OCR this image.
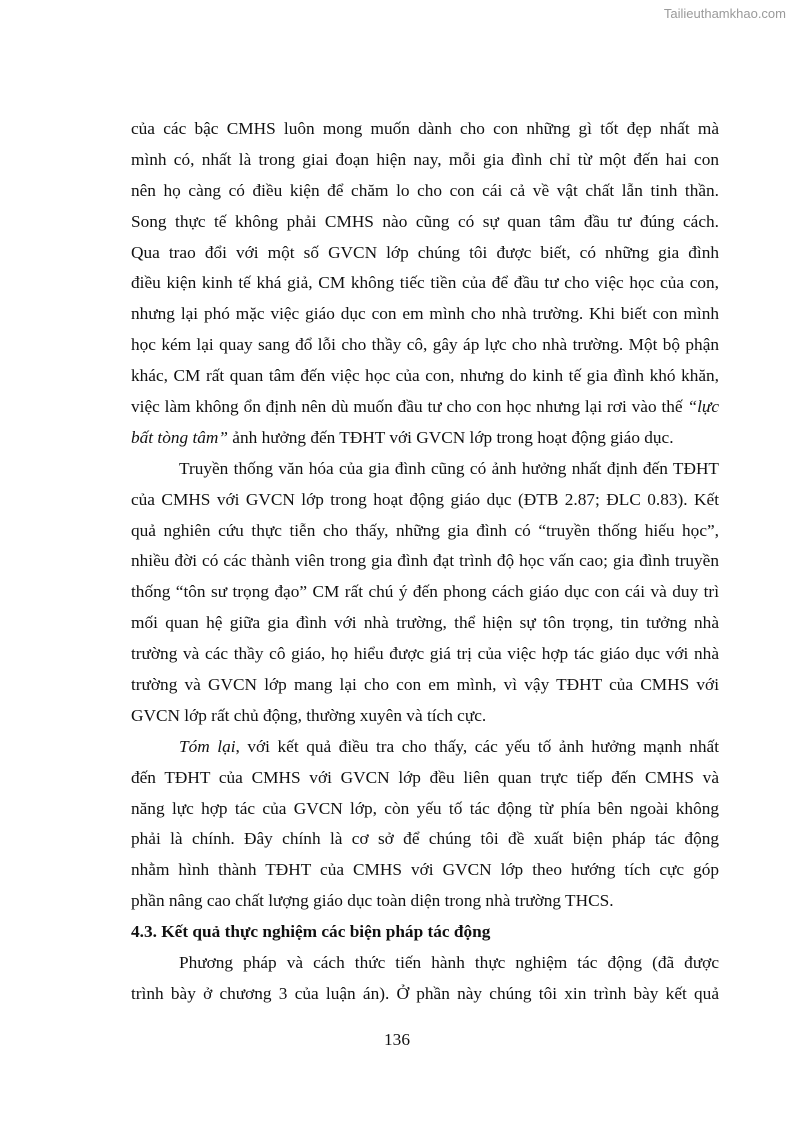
Tailieuthamkhao.com
của các bậc CMHS luôn mong muốn dành cho con những gì tốt đẹp nhất mà
mình có, nhất là trong giai đoạn hiện nay, mỗi gia đình chỉ từ một đến hai con
nên họ càng có điều kiện để chăm lo cho con cái cả về vật chất lẫn tinh thần.
Song thực tế không phải CMHS nào cũng có sự quan tâm đầu tư đúng cách.
Qua trao đổi với một số GVCN lớp chúng tôi được biết, có những gia đình
điều kiện kinh tế khá giả, CM không tiếc tiền của để đầu tư cho việc học của con,
nhưng lại phó mặc việc giáo dục con em mình cho nhà trường. Khi biết con mình
học kém lại quay sang đổ lỗi cho thầy cô, gây áp lực cho nhà trường. Một bộ phận
khác, CM rất quan tâm đến việc học của con, nhưng do kinh tế gia đình khó khăn,
việc làm không ổn định nên dù muốn đầu tư cho con học nhưng lại rơi vào thế “lực
bất tòng tâm” ảnh hưởng đến TĐHT với GVCN lớp trong hoạt động giáo dục.
Truyền thống văn hóa của gia đình cũng có ảnh hưởng nhất định đến TĐHT
của CMHS với GVCN lớp trong hoạt động giáo dục (ĐTB 2.87; ĐLC 0.83). Kết
quả nghiên cứu thực tiễn cho thấy, những gia đình có “truyền thống hiếu học”,
nhiều đời có các thành viên trong gia đình đạt trình độ học vấn cao; gia đình truyền
thống “tôn sư trọng đạo” CM rất chú ý đến phong cách giáo dục con cái và duy trì
mối quan hệ giữa gia đình với nhà trường, thể hiện sự tôn trọng, tin tưởng nhà
trường và các thầy cô giáo, họ hiểu được giá trị của việc hợp tác giáo dục với nhà
trường và GVCN lớp mang lại cho con em mình, vì vậy TĐHT của CMHS với
GVCN lớp rất chủ động, thường xuyên và tích cực.
Tóm lại, với kết quả điều tra cho thấy, các yếu tố ảnh hưởng mạnh nhất
đến TĐHT của CMHS với GVCN lớp đều liên quan trực tiếp đến CMHS và
năng lực hợp tác của GVCN lớp, còn yếu tố tác động từ phía bên ngoài không
phải là chính. Đây chính là cơ sở để chúng tôi đề xuất biện pháp tác động
nhằm hình thành TĐHT của CMHS với GVCN lớp theo hướng tích cực góp
phần nâng cao chất lượng giáo dục toàn diện trong nhà trường THCS.
4.3. Kết quả thực nghiệm các biện pháp tác động
Phương pháp và cách thức tiến hành thực nghiệm tác động (đã được
trình bày ở chương 3 của luận án). Ở phần này chúng tôi xin trình bày kết quả
136
